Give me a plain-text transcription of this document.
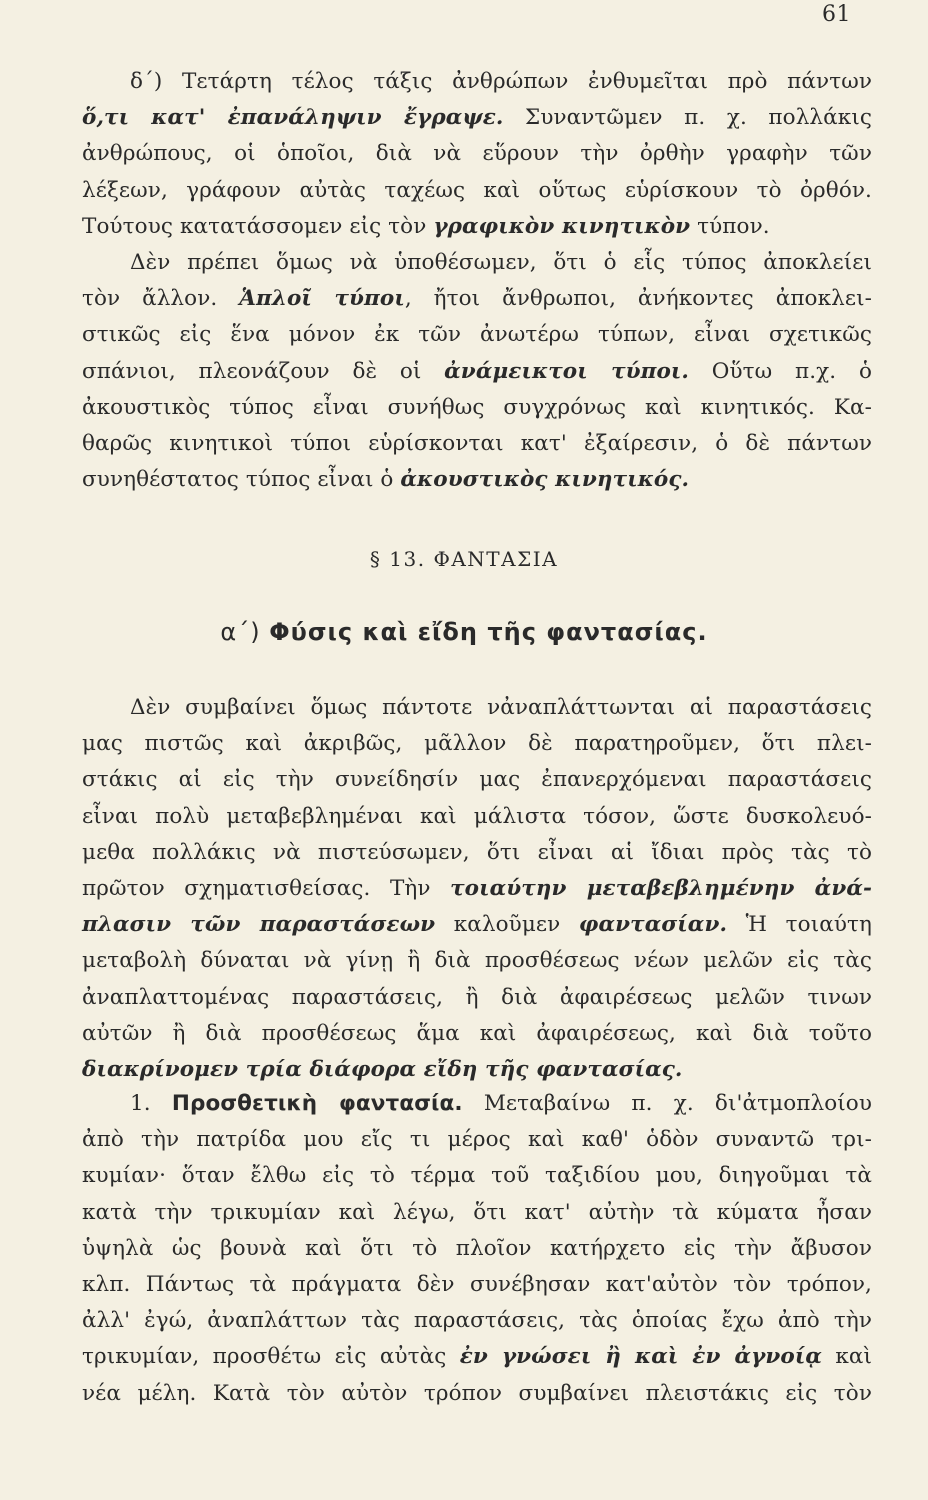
61
δ΄) Τετάρτη τέλος τάξις ἀνθρώπων ἐνθυμεῖται πρὸ πάντων
ὅ,τι κατ' ἐπανάληψιν ἔγραψε. Συναντῶμεν π. χ. πολλάκις
ἀνθρώπους, οἱ ὁποῖοι, διὰ νὰ εὕρουν τὴν ὀρθὴν γραφὴν τῶν
λέξεων, γράφουν αὐτὰς ταχέως καὶ οὕτως εὑρίσκουν τὸ ὀρθόν.
Τούτους κατατάσσομεν εἰς τὸν γραφικὸν κινητικὸν τύπον.
Δὲν πρέπει ὅμως νὰ ὑποθέσωμεν, ὅτι ὁ εἷς τύπος ἀποκλείει
τὸν ἄλλον. Ἁπλοῖ τύποι, ἤτοι ἄνθρωποι, ἀνήκοντες ἀποκλει-
στικῶς εἰς ἕνα μόνον ἐκ τῶν ἀνωτέρω τύπων, εἶναι σχετικῶς
σπάνιοι, πλεονάζουν δὲ οἱ ἀνάμεικτοι τύποι. Οὕτω π.χ. ὁ
ἀκουστικὸς τύπος εἶναι συνήθως συγχρόνως καὶ κινητικός. Κα-
θαρῶς κινητικοὶ τύποι εὑρίσκονται κατ' ἐξαίρεσιν, ὁ δὲ πάντων
συνηθέστατος τύπος εἶναι ὁ ἀκουστικὸς κινητικός.
§ 13. ΦΑΝΤΑΣΙΑ
α΄) Φύσις καὶ εἴδη τῆς φαντασίας.
Δὲν συμβαίνει ὅμως πάντοτε νἀναπλάττωνται αἱ παραστάσεις
μας πιστῶς καὶ ἀκριβῶς, μᾶλλον δὲ παρατηροῦμεν, ὅτι πλει-
στάκις αἱ εἰς τὴν συνείδησίν μας ἐπανερχόμεναι παραστάσεις
εἶναι πολὺ μεταβεβλημέναι καὶ μάλιστα τόσον, ὥστε δυσκολευό-
μεθα πολλάκις νὰ πιστεύσωμεν, ὅτι εἶναι αἱ ἴδιαι πρὸς τὰς τὸ
πρῶτον σχηματισθείσας. Τὴν τοιαύτην μεταβεβλημένην ἀνά-
πλασιν τῶν παραστάσεων καλοῦμεν φαντασίαν. Ἡ τοιαύτη
μεταβολὴ δύναται νὰ γίνῃ ἢ διὰ προσθέσεως νέων μελῶν εἰς τὰς
ἀναπλαττομένας παραστάσεις, ἢ διὰ ἀφαιρέσεως μελῶν τινων
αὐτῶν ἢ διὰ προσθέσεως ἅμα καὶ ἀφαιρέσεως, καὶ διὰ τοῦτο
διακρίνομεν τρία διάφορα εἴδη τῆς φαντασίας.
1. Προσθετικὴ φαντασία. Μεταβαίνω π. χ. δι'ἀτμοπλοίου
ἀπὸ τὴν πατρίδα μου εἴς τι μέρος καὶ καθ' ὁδὸν συναντῶ τρι-
κυμίαν· ὅταν ἔλθω εἰς τὸ τέρμα τοῦ ταξιδίου μου, διηγοῦμαι τὰ
κατὰ τὴν τρικυμίαν καὶ λέγω, ὅτι κατ' αὐτὴν τὰ κύματα ἦσαν
ὑψηλὰ ὡς βουνὰ καὶ ὅτι τὸ πλοῖον κατήρχετο εἰς τὴν ἄβυσον
κλπ. Πάντως τὰ πράγματα δὲν συνέβησαν κατ'αὐτὸν τὸν τρόπον,
ἀλλ' ἐγώ, ἀναπλάττων τὰς παραστάσεις, τὰς ὁποίας ἔχω ἀπὸ τὴν
τρικυμίαν, προσθέτω εἰς αὐτὰς ἐν γνώσει ἢ καὶ ἐν ἀγνοίᾳ καὶ
νέα μέλη. Κατὰ τὸν αὐτὸν τρόπον συμβαίνει πλειστάκις εἰς τὸν
